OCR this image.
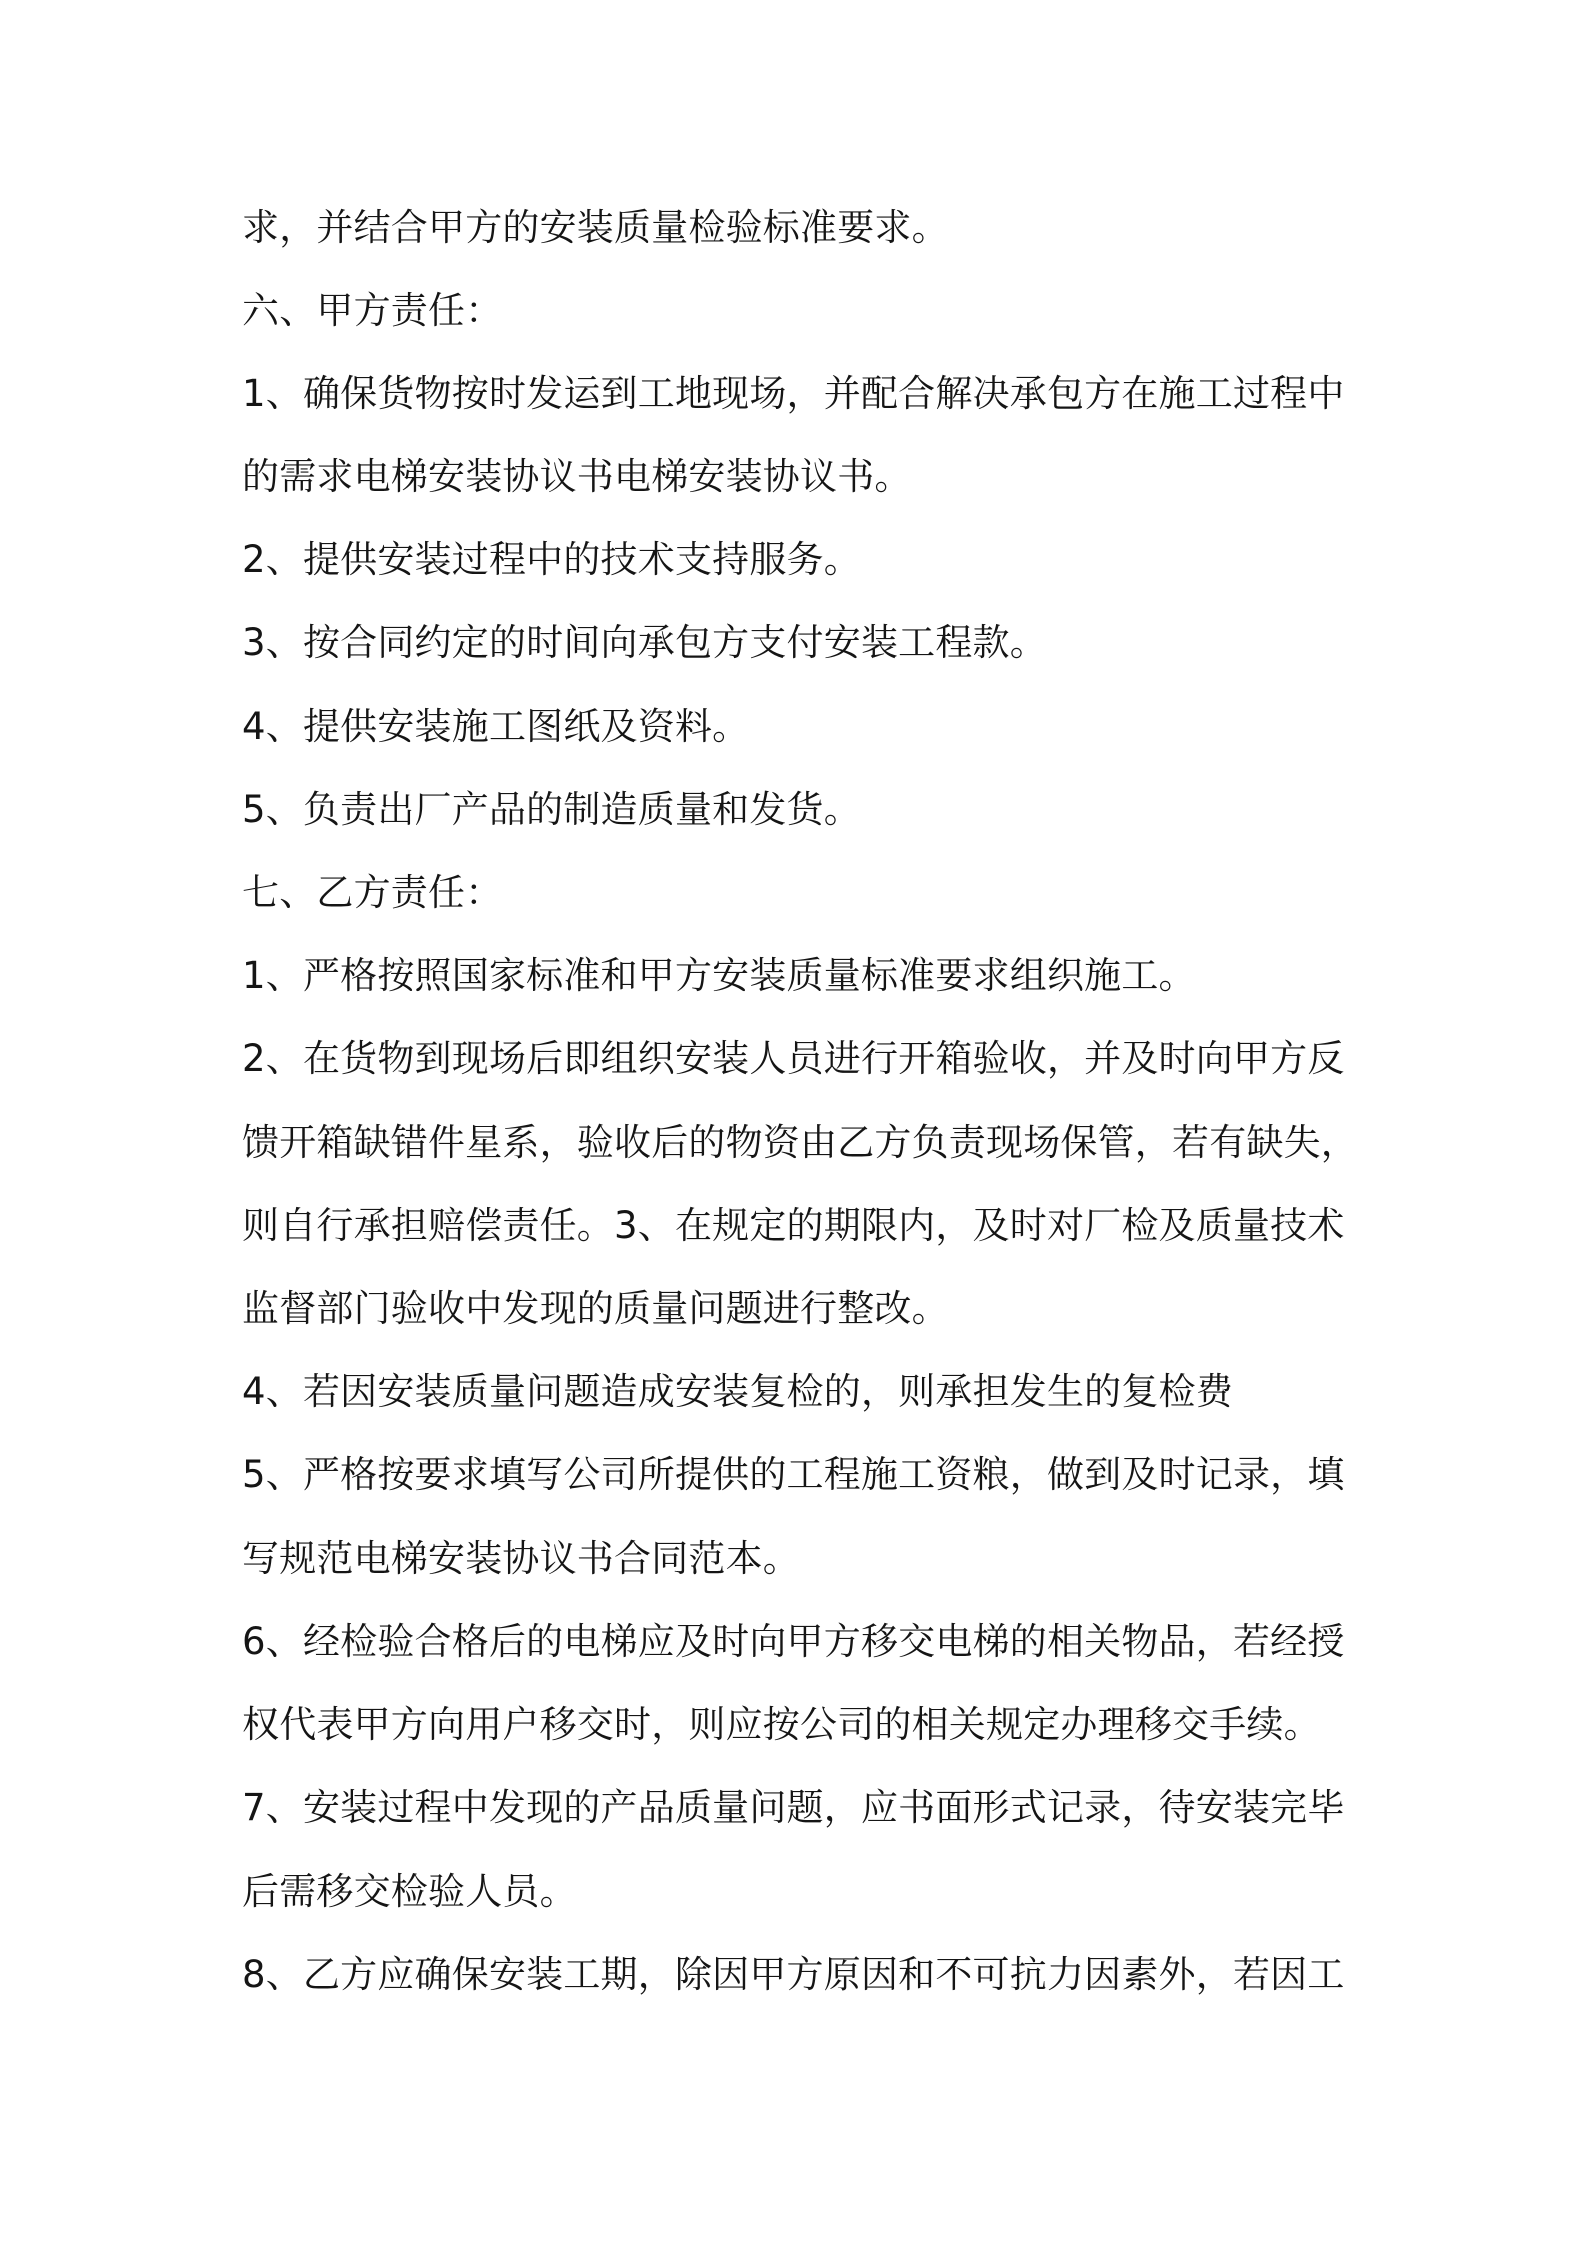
求，并结合甲方的安装质量检验标准要求。
六、甲方责任：
1、确保货物按时发运到工地现场，并配合解决承包方在施工过程中
的需求电梯安装协议书电梯安装协议书。
2、提供安装过程中的技术支持服务。
3、按合同约定的时间向承包方支付安装工程款。
4、提供安装施工图纸及资料。
5、负责出厂产品的制造质量和发货。
七、乙方责任：
1、严格按照国家标准和甲方安装质量标准要求组织施工。
2、在货物到现场后即组织安装人员进行开箱验收，并及时向甲方反
馈开箱缺错件星系，验收后的物资由乙方负责现场保管，若有缺失，
则自行承担赔偿责任。3、在规定的期限内，及时对厂检及质量技术
监督部门验收中发现的质量问题进行整改。
4、若因安装质量问题造成安装复检的，则承担发生的复检费
5、严格按要求填写公司所提供的工程施工资粮，做到及时记录，填
写规范电梯安装协议书合同范本。
6、经检验合格后的电梯应及时向甲方移交电梯的相关物品，若经授
权代表甲方向用户移交时，则应按公司的相关规定办理移交手续。
7、安装过程中发现的产品质量问题，应书面形式记录，待安装完毕
后需移交检验人员。
8、乙方应确保安装工期，除因甲方原因和不可抗力因素外，若因工
